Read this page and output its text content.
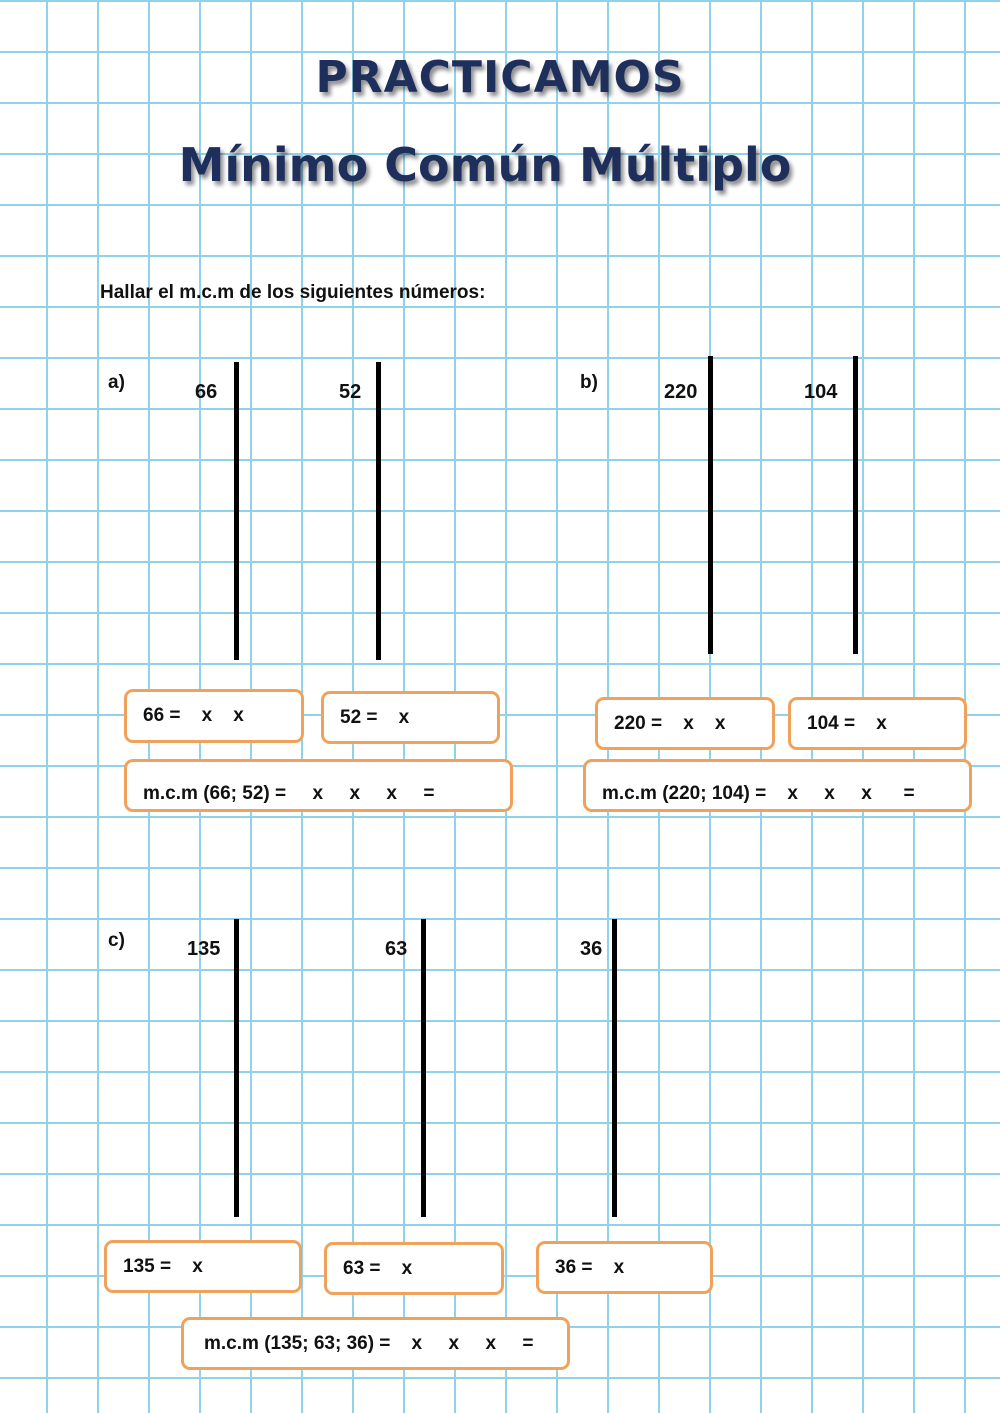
PRACTICAMOS
Mínimo Común Múltiplo
Hallar el m.c.m de los siguientes números:
a)	66	52
66 =    x    x	52 =    x
m.c.m (66; 52) =     x     x     x     =
b)	220	104
220 =    x    x	104 =    x
m.c.m (220; 104) =    x     x     x      =
c)	135	63	36
135 =    x	63 =    x	36 =    x
m.c.m (135; 63; 36) =    x     x     x     =
